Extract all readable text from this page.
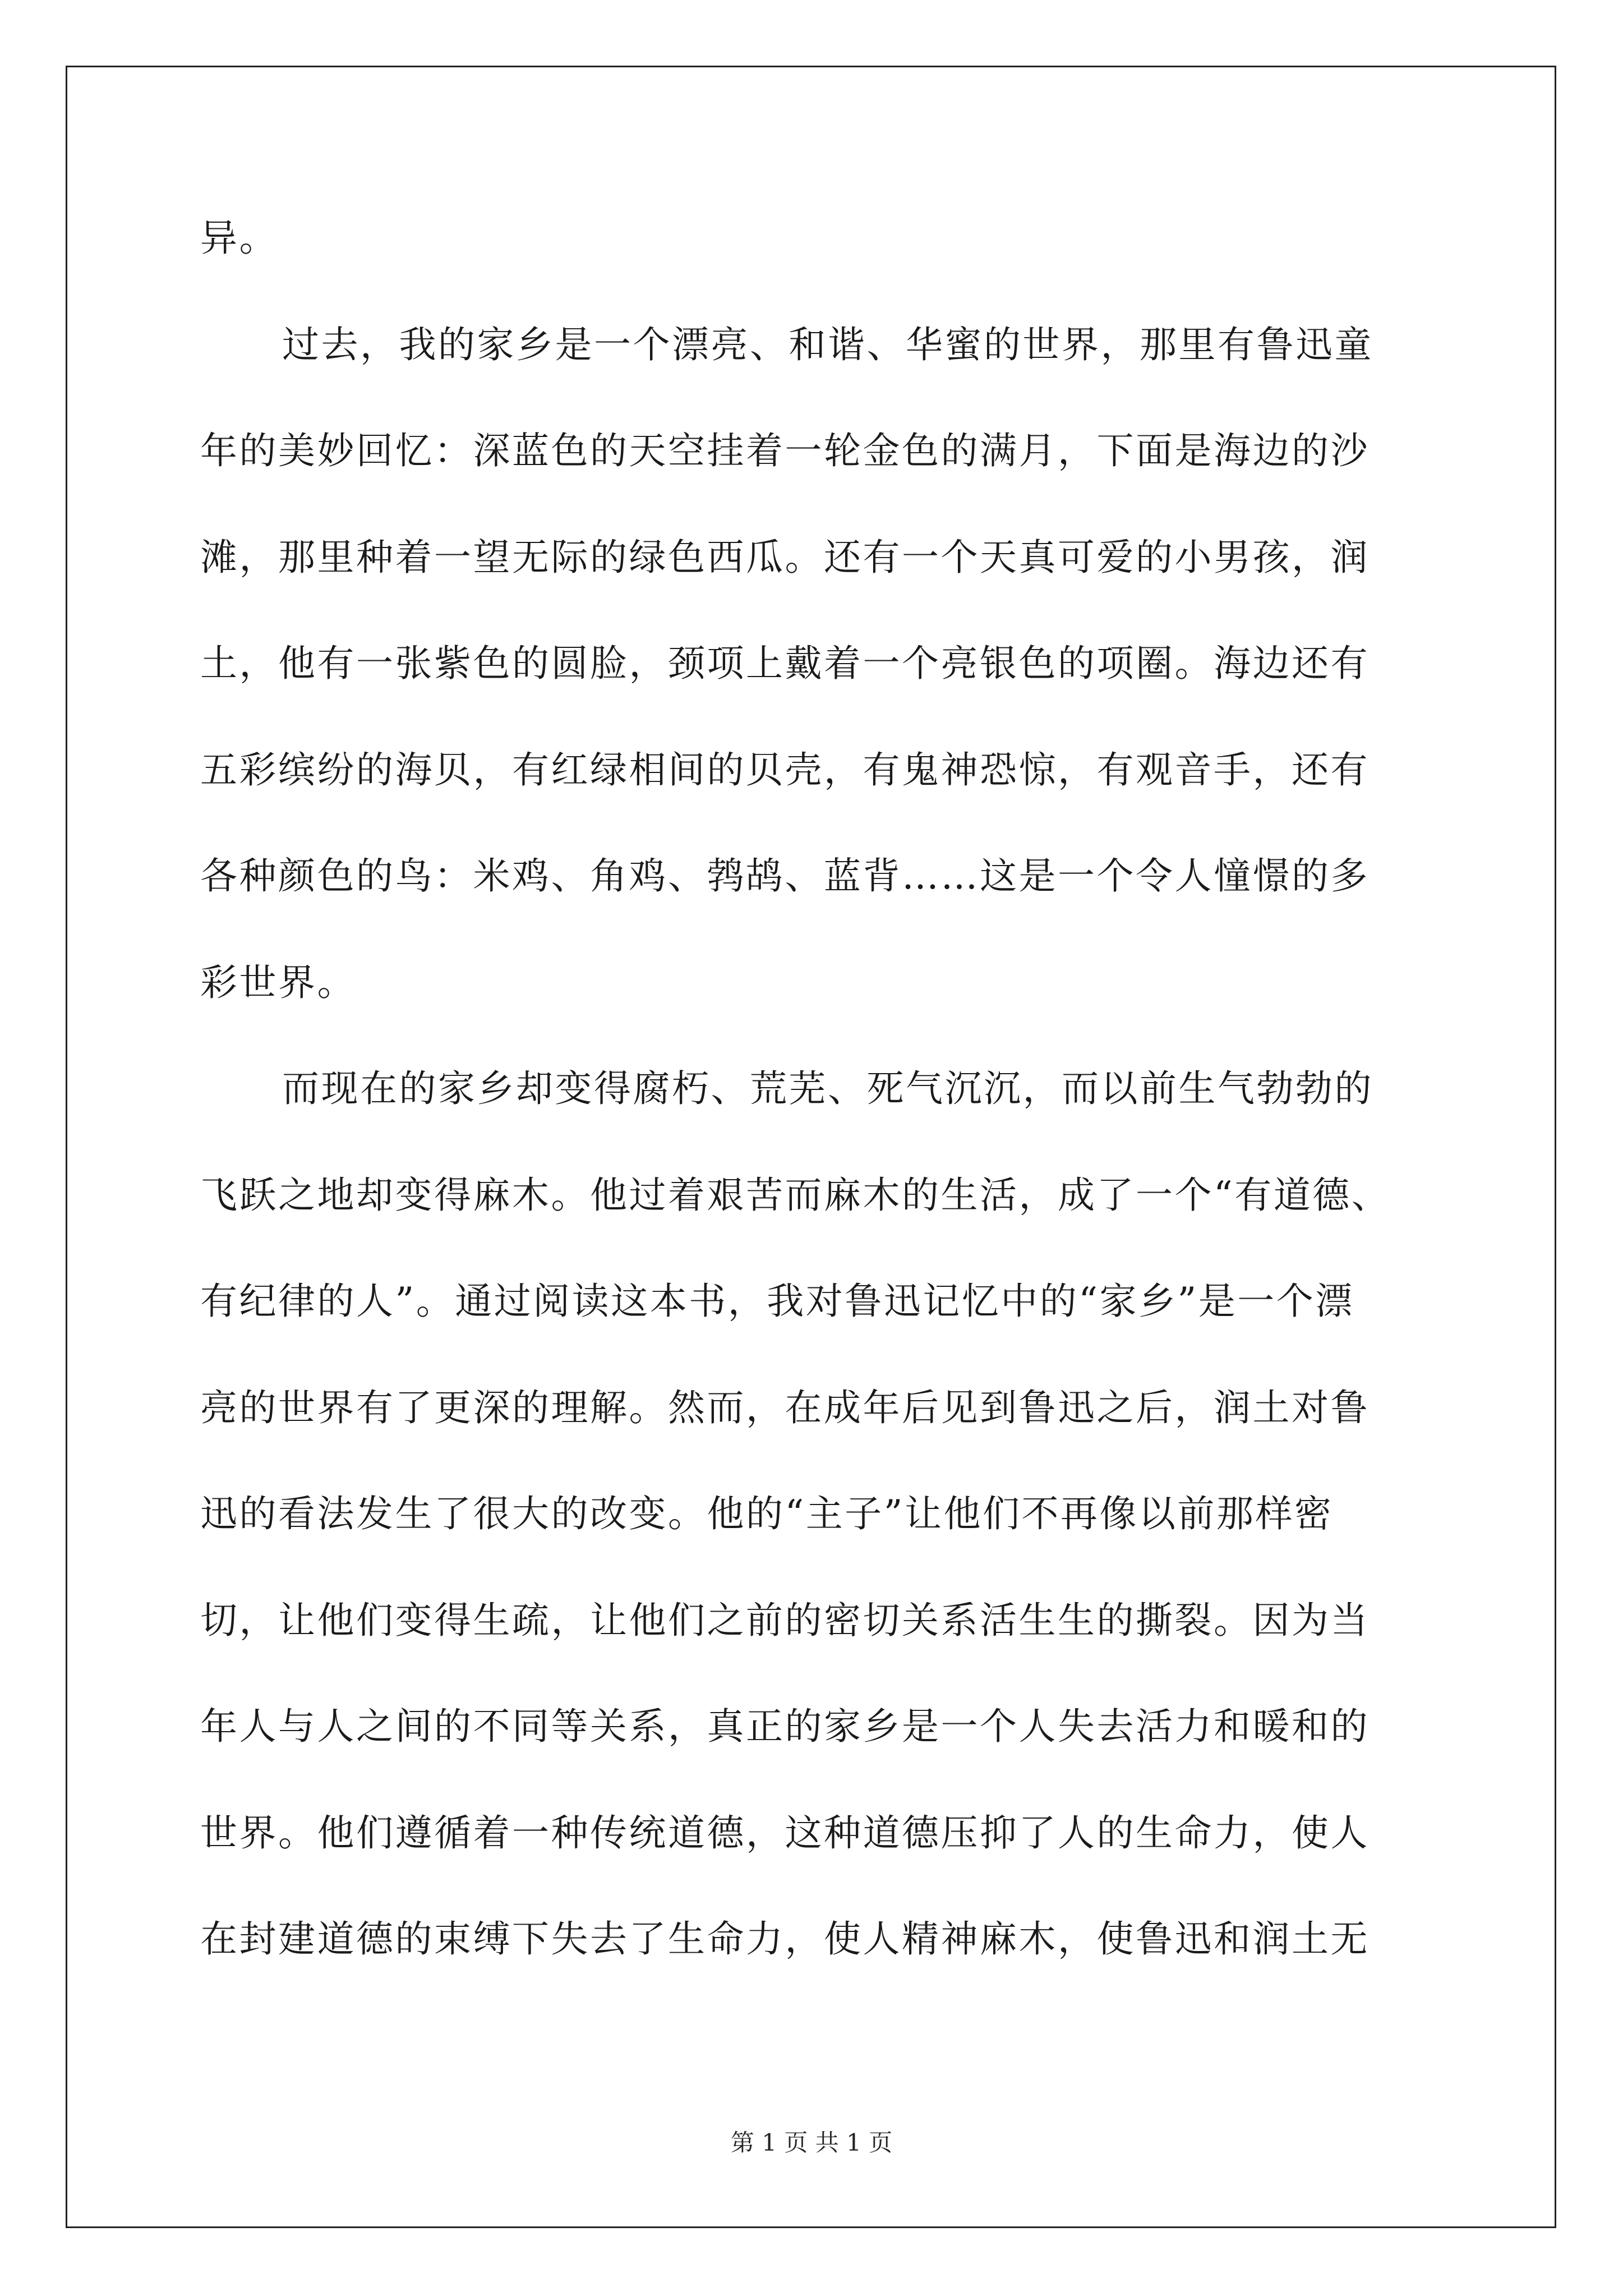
异。
过去，我的家乡是一个漂亮、和谐、华蜜的世界，那里有鲁迅童
年的美妙回忆：深蓝色的天空挂着一轮金色的满月，下面是海边的沙
滩，那里种着一望无际的绿色西瓜。还有一个天真可爱的小男孩，润
土，他有一张紫色的圆脸，颈项上戴着一个亮银色的项圈。海边还有
五彩缤纷的海贝，有红绿相间的贝壳，有鬼神恐惊，有观音手，还有
各种颜色的鸟：米鸡、角鸡、鹁鸪、蓝背……这是一个令人憧憬的多
彩世界。
而现在的家乡却变得腐朽、荒芜、死气沉沉，而以前生气勃勃的
飞跃之地却变得麻木。他过着艰苦而麻木的生活，成了一个“有道德、
有纪律的人”。通过阅读这本书，我对鲁迅记忆中的“家乡”是一个漂
亮的世界有了更深的理解。然而，在成年后见到鲁迅之后，润土对鲁
迅的看法发生了很大的改变。他的“主子”让他们不再像以前那样密
切，让他们变得生疏，让他们之前的密切关系活生生的撕裂。因为当
年人与人之间的不同等关系，真正的家乡是一个人失去活力和暖和的
世界。他们遵循着一种传统道德，这种道德压抑了人的生命力，使人
在封建道德的束缚下失去了生命力，使人精神麻木，使鲁迅和润土无
第 1 页 共 1 页
